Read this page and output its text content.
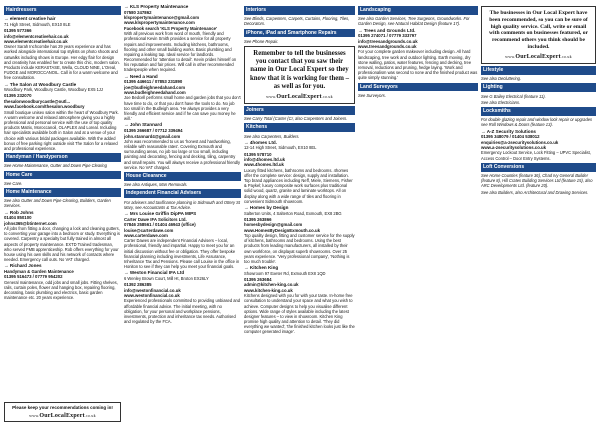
Hairdressers
→ element creative hair
71 High Street, Sidmouth, EX10 8LE
01395 577366
info@elementcreativehair.co.uk
www.elementcreativehair.co.uk
Owner Sarah Inchcombe has 29 years experience and has worked alongside international top stylists on photo shoots and catwalks including shows in Europe. Her edgy flair for design and creativity has enabled her to create this chic, modern salon. Products include KERASTASE, Wella, CLOUD NINE, L'Oreal, FUDGE and MOROCCANOIL. Call in for a warm welcome and free consultation.
→ The Salon at Woodbury Castle
Woodbury Park, Woodbury Castle, Woodbury EX5 1JJ
01395 232070
thesalonwoodburycastle@outl...
www.facebook.com/thesalon.woodbury
Small boutique unisex salon within the heart of Woodbury Park. A warm welcome and relaxed atmosphere giving you a highly professional and personal service with the use of top quality products Matrix, Moroccanoil, OLAPLEX and Loreal. Including hair specialists available both in Salon and at a venue of your choice with various bridal packages available. With the added bonus of free parking right outside visit The Salon for a relaxed and professional experience.
Handyman / Handyperson
See Home Maintenance, Gutter and Down Pipe Clearing
Home Care
See Care.
Home Maintenance
See also Gutter and Down Pipe Clearing, Builders, Garden Services.
→ Rob Johns
01404 850100
johns365@btinternet.com
All jobs from fitting a door, changing a lock and cleaning gutters, to converting your garage into a bedroom or study. Everything is covered. Carpentry a specialty but fully trained in almost all aspects of property maintenance. EXTD Trained tradesman, who served FMB apprenticeship. Rob offers everything for your house using his own skills and his network of contacts where needed. Emergency call outs. No VAT charged.
→ Richard Jones
Handyman & Garden Maintenance
01395 516473 / 07779 954202
General maintenance, odd jobs and small jobs. Fitting shelves, rails, curtain poles, flower and hanging box, repairing flooring, decorating, basic plumbing and electrics, basic garden maintenance etc. 20 years experience.
Please keep your recommendations coming in!
www.OurLocalExpert.co.uk
→ KLS Property Maintenance
07580 247862
klspropertymaintenance@gmail.com
www.klspropertymaintenance.com
Facebook search 'KLS Property Maintenance'
With all previous work from word of mouth, friendly and professional Kevin Smith provides a service for all property repairs and improvements. Including kitchens, bathrooms, flooring and other small building works. Basic plumbing and repairing a leaking tap. Ideal service for landlords. Recommended for 'attention to detail'. Kevin prides himself on his reputation and fair prices. Will call in other recommended tradespeople when required.
→ Need a Hand
01395 446611 / 07853 231890
joe@budleighneedahand.com
www.budleighneedahand.com
Joe Bedcell performs small home and garden jobs that you don't have time to do, or that you don't have the tools to do. No job too small in the Budleigh area. 'He always provides a very friendly and efficient service and if he can save you money he will.'
→ John Stannard
01395 266687 / 07712 339494
john.stannard4@gmail.com
John was recommended to us as 'honest and hardworking, reliable with reasonable rates'. Covering Exmouth and surrounding areas, no job too large or too small, including painting and decorating, fencing and decking, tiling, carpentry and small repairs. You will always receive a professional friendly service. No VAT charged.
House Clearance
See also Antiques, Man Removals.
Independent Financial Advisers
For advisers and tax/finance planning in Sidmouth and Ottery St Mary, see Accountants & Tax Advice.
→ Mrs Louise Griffin DipPA MIPS
Carter Dawe IFA Solicitors Ltd.
07846 258561 / 01404 46943 (office)
louise@carterdawe.com
www.carterdawe.com
Carter Dawes are independent Financial Advisers – local, professional, friendly and impartial. Happy to meet you for an initial discussion without fee or obligation. They offer bespoke financial planning including investments, Life Assurance, Inheritance Tax and Pensions. Please call Louise in the office in Honiton to see if they can help you meet your financial goals.
→ Weston Financial IFA Ltd
6 Wenley Brown Court, Mill Ht, Broton EX26LY
01392 286385
info@westonfinancial.co.uk
www.westonfinancial.co.uk
Experienced professionals committed to providing unbiased and affordable financial advice. The initial meeting, with no obligation, for your personal and workplace pensions, investments, protection and inheritance tax needs. Authorised and regulated by the FCA.
Interiors
See Blinds, Carpenters, Carpets, Curtains, Flooring, Tiles, Decorators.
iPhone, iPad and Smartphone Repairs
See Phone Repair.
Remember to tell the businesses you contact that you saw their name in Our Local Expert so they know that it is working for them – as well as for you.
www.OurLocalExpert.co.uk
Joiners
See Carry Total (Carter (Cr, also Carpenters and Joiners.
Kitchens
See also Carpenters, Builders.
→ 4homes Ltd.
12-14 High Street, Sidmouth, EX10 8EL
01395 578710
info@4homes.ltd.uk
www.4homes.ltd.uk
Luxury fitted kitchens, bathrooms and bedrooms. 4homes offer the complete service: design, supply and installation. Top brand appliances including Neff, Miele, Siemens, Fisher & Paykel; luxury composite work surfaces plus traditional solid wood, quartz, granite and laminate worktops. All on display along with a wide range of tiles and flooring in convenient Sidmouth showroom.
→ Homes by Design
Salterton Units, 4 Salterton Road, Exmouth, EX8 2BG
01395 263866
homesbydesign@gmail.com
www.HomesByDesignExmouth.co.uk
Top quality design, fitting and customer service for the supply of kitchens, bathrooms and bedrooms. Using the best products from leading manufacturers, all installed by their own workforce, on displayat superb showrooms. Over 25 years experience. 'Very professional company', 'Nothing is too much trouble'.
→ Kitchen King
Showroom 97 Exeter Rd, Exmouth EX8 1QD
01395 263684
admin@kitchen-king.co.uk
www.kitchen-king.co.uk
Kitchens designed with you for with your taste. In-home free consultation to understand your space and what you wish to achieve. Computer designs to help you visualise different options. Wide range of styles available including the latest designer features – to view in showroom. Kitchen King promise high quality and attention to detail. 'They did everything we wanted', 'the finished kitchen looks just like the computer generated image'.
Landscaping
See also Garden Services, Tree Surgeons, Groundworks. For Garden Design, see Natural Habitat Design (feature 17).
→ Trees and Grounds Ltd.
01395 274071 / 07779 333797
info@treesandgrounds.co.uk
www.treesandgrounds.co.uk
For your complete garden makeover including design. All hard landscaping, tree work and outdoor lighting. Earth moving, dry stone walling, patios, water features, fencing and decking, tree removal, reductions and pruning, hedge laying. 'Work and professionalism was second to none and the finished product was quite simply stunning.'
Land Surveyors
See Surveyors.
The businesses in Our Local Expert have been recommended, so you can be sure of high quality service. Call, write or email with comments on businesses featured, or recommend others you think should be included.
www.OurLocalExpert.co.uk
Lifestyle
See also Decluttering.
Lighting
See G Bailey Electrical (feature 11).
See also Electricians.
Locksmiths
For double glazing repair and window lock repair or upgrades see Roll Windows & Doors (feature 13).
→ A-Z Security Solutions
01395 348079 / 01404 538012
enquiries@a-zsecuritysolutions.co.uk
www.a-zsecuritysolutions.co.uk
Emergency Lockout Service, Lock Fitting – UPVC Specialist, Access Control – Door Entry Systems.
Loft Conversions
See Home Counties (feature 36), Chad Ivy General Builder (feature 8), Hill Crates Building Services Ltd (feature 15), also ARC Developments Ltd. (feature 20).
See also Builders, also Architectural and Drawing Services.
